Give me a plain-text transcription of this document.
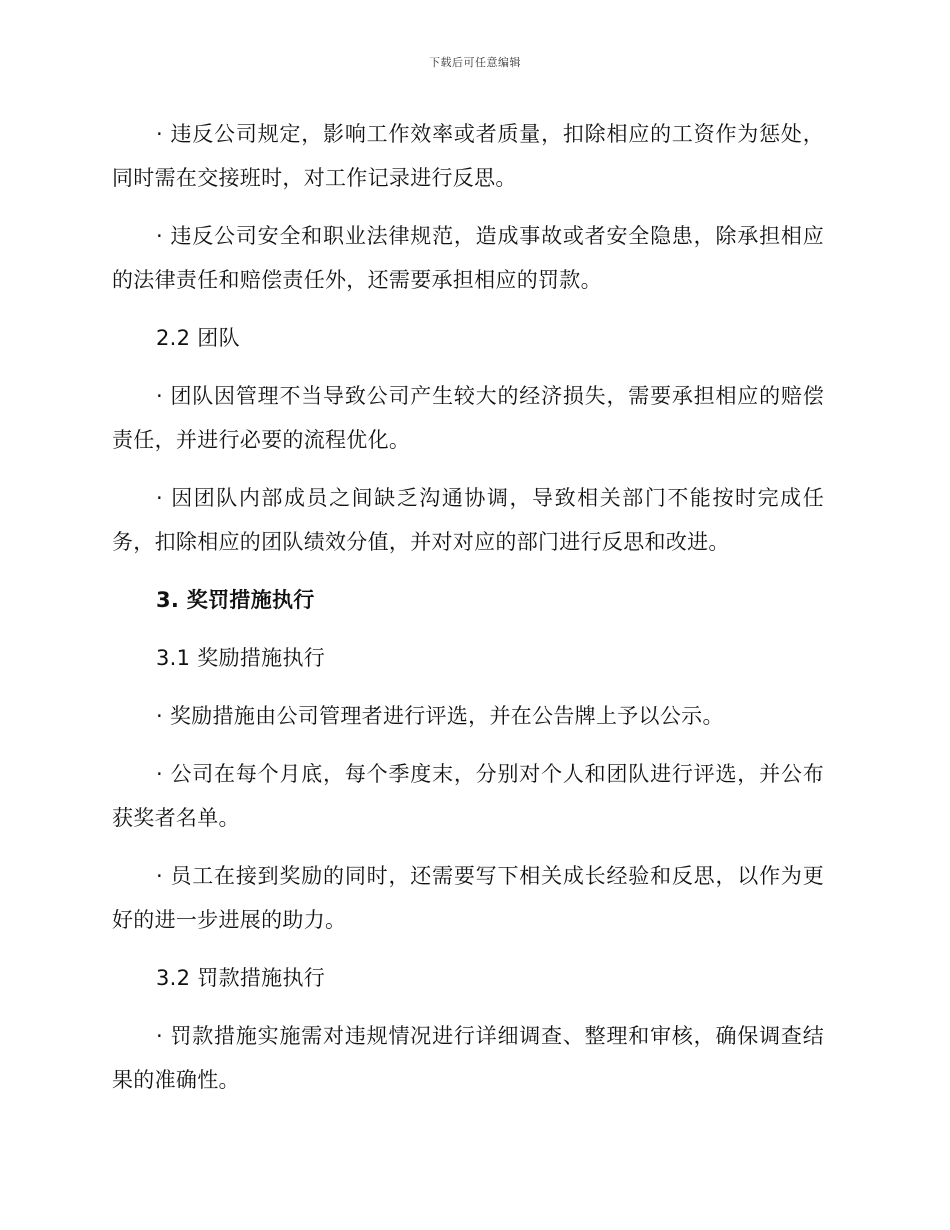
下载后可任意编辑

· 违反公司规定，影响工作效率或者质量，扣除相应的工资作为惩处，同时需在交接班时，对工作记录进行反思。

· 违反公司安全和职业法律规范，造成事故或者安全隐患，除承担相应的法律责任和赔偿责任外，还需要承担相应的罚款。

2.2 团队

· 团队因管理不当导致公司产生较大的经济损失，需要承担相应的赔偿责任，并进行必要的流程优化。

· 因团队内部成员之间缺乏沟通协调，导致相关部门不能按时完成任务，扣除相应的团队绩效分值，并对对应的部门进行反思和改进。

3. 奖罚措施执行

3.1 奖励措施执行

· 奖励措施由公司管理者进行评选，并在公告牌上予以公示。

· 公司在每个月底，每个季度末，分别对个人和团队进行评选，并公布获奖者名单。

· 员工在接到奖励的同时，还需要写下相关成长经验和反思，以作为更好的进一步进展的助力。

3.2 罚款措施执行

· 罚款措施实施需对违规情况进行详细调查、整理和审核，确保调查结果的准确性。
